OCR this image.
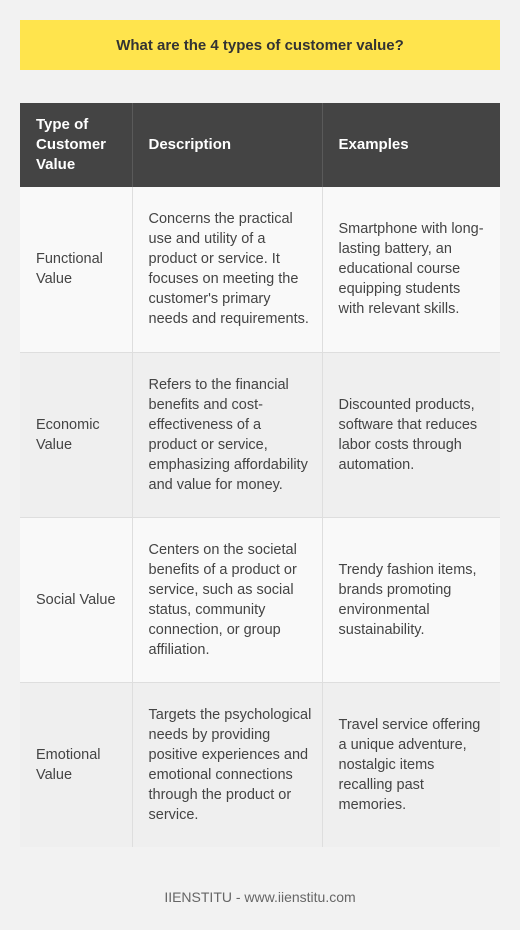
What are the 4 types of customer value?
Type of Customer Value	Description	Examples
Functional Value	Concerns the practical use and utility of a product or service. It focuses on meeting the customer's primary needs and requirements.	Smartphone with long-lasting battery, an educational course equipping students with relevant skills.
Economic Value	Refers to the financial benefits and cost-effectiveness of a product or service, emphasizing affordability and value for money.	Discounted products, software that reduces labor costs through automation.
Social Value	Centers on the societal benefits of a product or service, such as social status, community connection, or group affiliation.	Trendy fashion items, brands promoting environmental sustainability.
Emotional Value	Targets the psychological needs by providing positive experiences and emotional connections through the product or service.	Travel service offering a unique adventure, nostalgic items recalling past memories.
IIENSTITU - www.iienstitu.com
